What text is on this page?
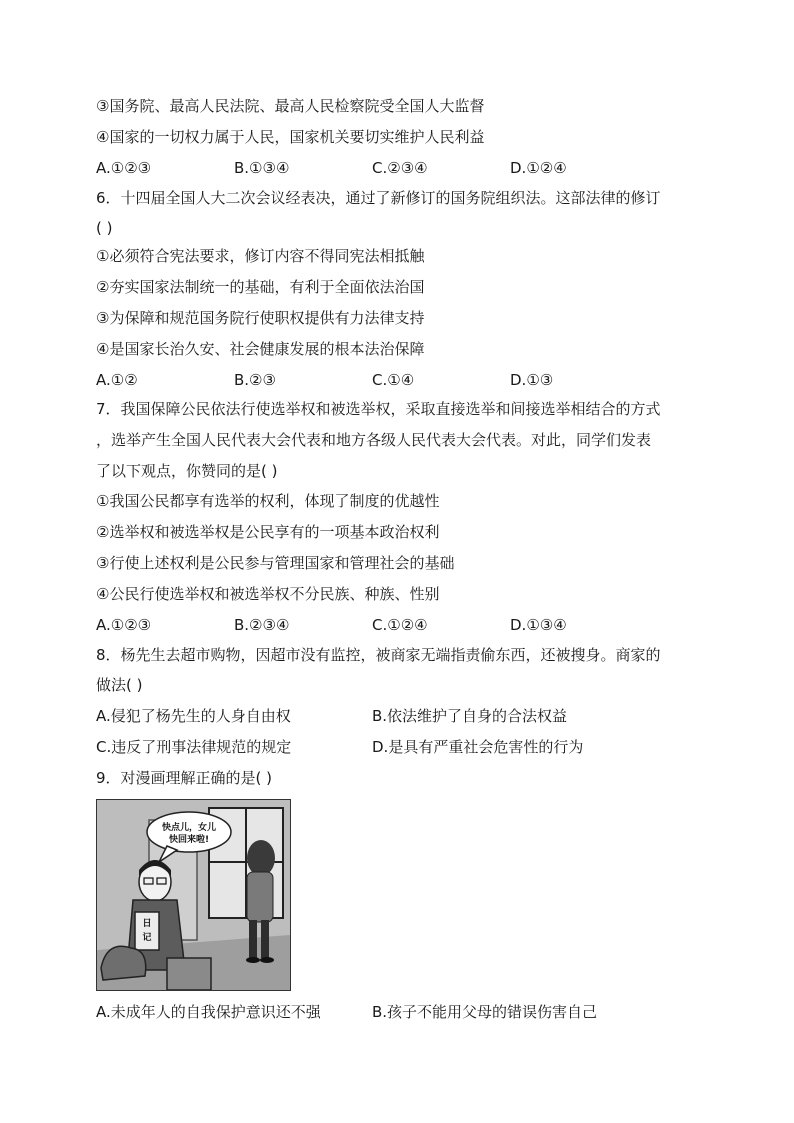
③国务院、最高人民法院、最高人民检察院受全国人大监督
④国家的一切权力属于人民，国家机关要切实维护人民利益
A.①②③	B.①③④	C.②③④	D.①②④
6．十四届全国人大二次会议经表决，通过了新修订的国务院组织法。这部法律的修订
( )
①必须符合宪法要求，修订内容不得同宪法相抵触
②夯实国家法制统一的基础，有利于全面依法治国
③为保障和规范国务院行使职权提供有力法律支持
④是国家长治久安、社会健康发展的根本法治保障
A.①②	B.②③	C.①④	D.①③
7．我国保障公民依法行使选举权和被选举权，采取直接选举和间接选举相结合的方式
，选举产生全国人民代表大会代表和地方各级人民代表大会代表。对此，同学们发表
了以下观点，你赞同的是( )
①我国公民都享有选举的权利，体现了制度的优越性
②选举权和被选举权是公民享有的一项基本政治权利
③行使上述权利是公民参与管理国家和管理社会的基础
④公民行使选举权和被选举权不分民族、种族、性别
A.①②③	B.②③④	C.①②④	D.①③④
8．杨先生去超市购物，因超市没有监控，被商家无端指责偷东西，还被搜身。商家的
做法( )
A.侵犯了杨先生的人身自由权	B.依法维护了自身的合法权益
C.违反了刑事法律规范的规定	D.是具有严重社会危害性的行为
9．对漫画理解正确的是( )
快点儿，女儿
快回来啦!
日
记
A.未成年人的自我保护意识还不强	B.孩子不能用父母的错误伤害自己
